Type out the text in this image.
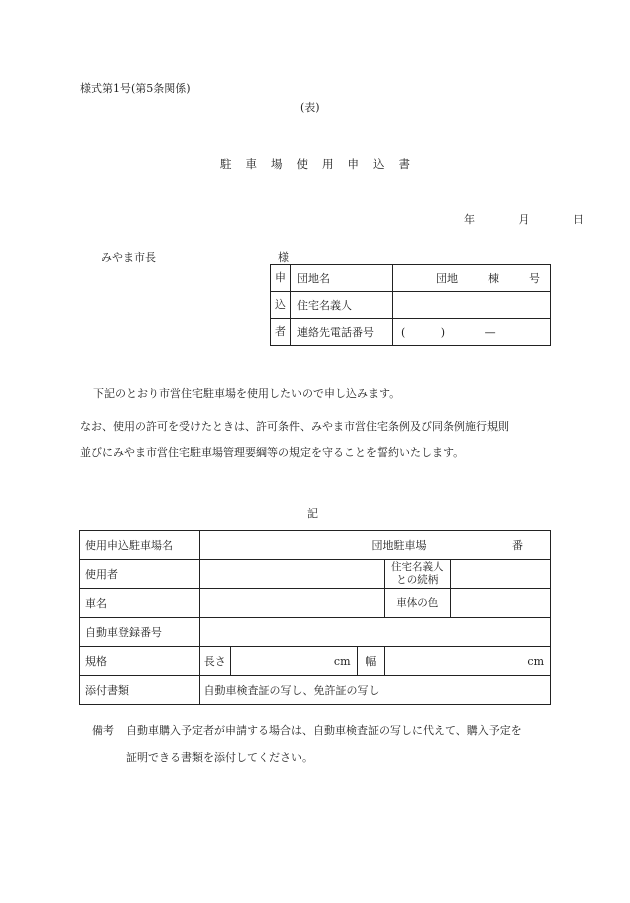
様式第1号(第5条関係)
(表)
駐車場使用申込書
年	月	日
みやま市長	様
申	団地名	団地 棟 号

込	住宅名義人	
者	連絡先電話番号	( ) —
下記のとおり市営住宅駐車場を使用したいので申し込みます。
なお、使用の許可を受けたときは、許可条件、みやま市営住宅条例及び同条例施行規則
並びにみやま市営住宅駐車場管理要綱等の規定を守ることを誓約いたします。
記
使用申込駐車場名	団地駐車場 番				

使用者				住宅名義人
との続柄	

車名				車体の色	
自動車登録番号					
規格	長さ	cm	幅	cm	
添付書類	自動車検査証の写し、免許証の写し				
備考 自動車購入予定者が申請する場合は、自動車検査証の写しに代えて、購入予定を
証明できる書類を添付してください。
